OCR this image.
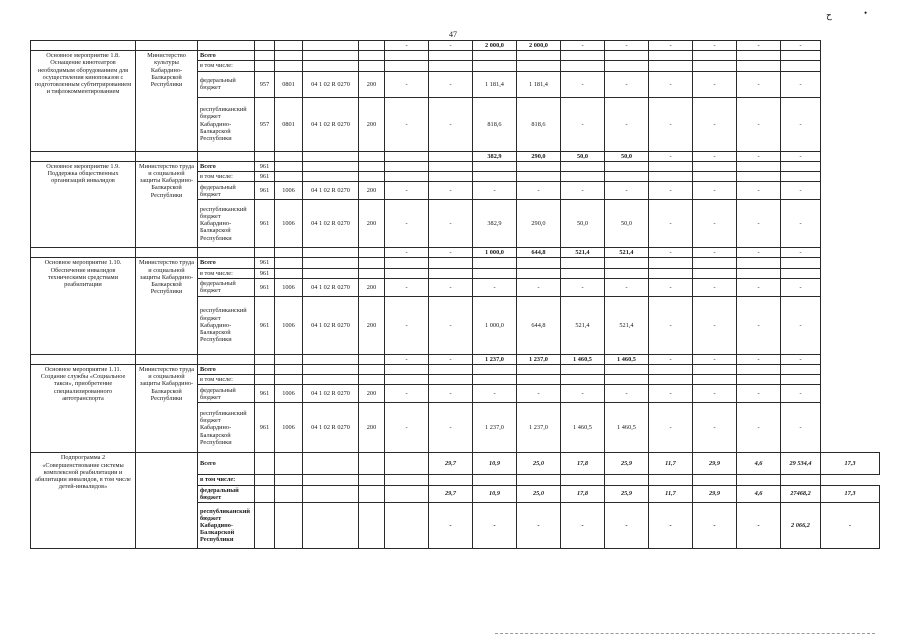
47
ح	•
							-	-	2 000,0	2 000,0	-	-	-	-	-	-	
Основное мероприятие 1.8. Оснащение кинотеатров необходимым оборудованием для осуществления кинопоказов с подготовленным субтитрированием и тифлокомментированием	Министерство культуры Кабардино-Балкарской Республики	Всего															
		в том числе:															
		федеральный бюджет	957	0801	04 1 02 R 0270	200	-	-	1 181,4	1 181,4	-	-	-	-	-	-	
		республиканский бюджет Кабардино-Балкарской Республики	957	0801	04 1 02 R 0270	200	-	-	818,6	818,6	-	-	-	-	-	-	
									382,9	290,0	50,0	50,0	-	-	-	-	
Основное мероприятие 1.9. Поддержка общественных организаций инвалидов	Министерство труда и социальной защиты Кабардино-Балкарской Республики	Всего	961														
		в том числе:	961														
		федеральный бюджет	961	1006	04 1 02 R 0270	200	-	-	-	-	-	-	-	-	-	-	
		республиканский бюджет Кабардино-Балкарской Республики	961	1006	04 1 02 R 0270	200	-	-	382,9	290,0	50,0	50,0	-	-	-	-	
							-	-	1 000,0	644,8	521,4	521,4	-	-	-	-	
Основное мероприятие 1.10. Обеспечение инвалидов техническими средствами реабилитации	Министерство труда и социальной защиты Кабардино-Балкарской Республики	Всего	961														
		в том числе:	961														
		федеральный бюджет	961	1006	04 1 02 R 0270	200	-	-	-	-	-	-	-	-	-	-	
		республиканский бюджет Кабардино-Балкарской Республики	961	1006	04 1 02 R 0270	200	-	-	1 000,0	644,8	521,4	521,4	-	-	-	-	
							-	-	1 237,0	1 237,0	1 460,5	1 460,5	-	-	-	-	
Основное мероприятие 1.11. Создание службы «Социальное такси», приобретение специализированного автотранспорта	Министерство труда и социальной защиты Кабардино-Балкарской Республики	Всего															
		в том числе:															
		федеральный бюджет	961	1006	04 1 02 R 0270	200	-	-	-	-	-	-	-	-	-	-	
		республиканский бюджет Кабардино-Балкарской Республики	961	1006	04 1 02 R 0270	200	-	-	1 237,0	1 237,0	1 460,5	1 460,5	-	-	-	-	
Подпрограмма 2 «Совершенствование системы комплексной реабилитации и абилитации инвалидов, в том числе детей-инвалидов»		Всего						29,7	10,9	25,0	17,8	25,9	11,7	29,9	4,6	29 534,4	17,3
		в том числе:															
		федеральный бюджет						29,7	10,9	25,0	17,8	25,9	11,7	29,9	4,6	27468,2	17,3
		республиканский бюджет Кабардино-Балкарской Республики						-	-	-	-	-	-	-	-	2 066,2	-
